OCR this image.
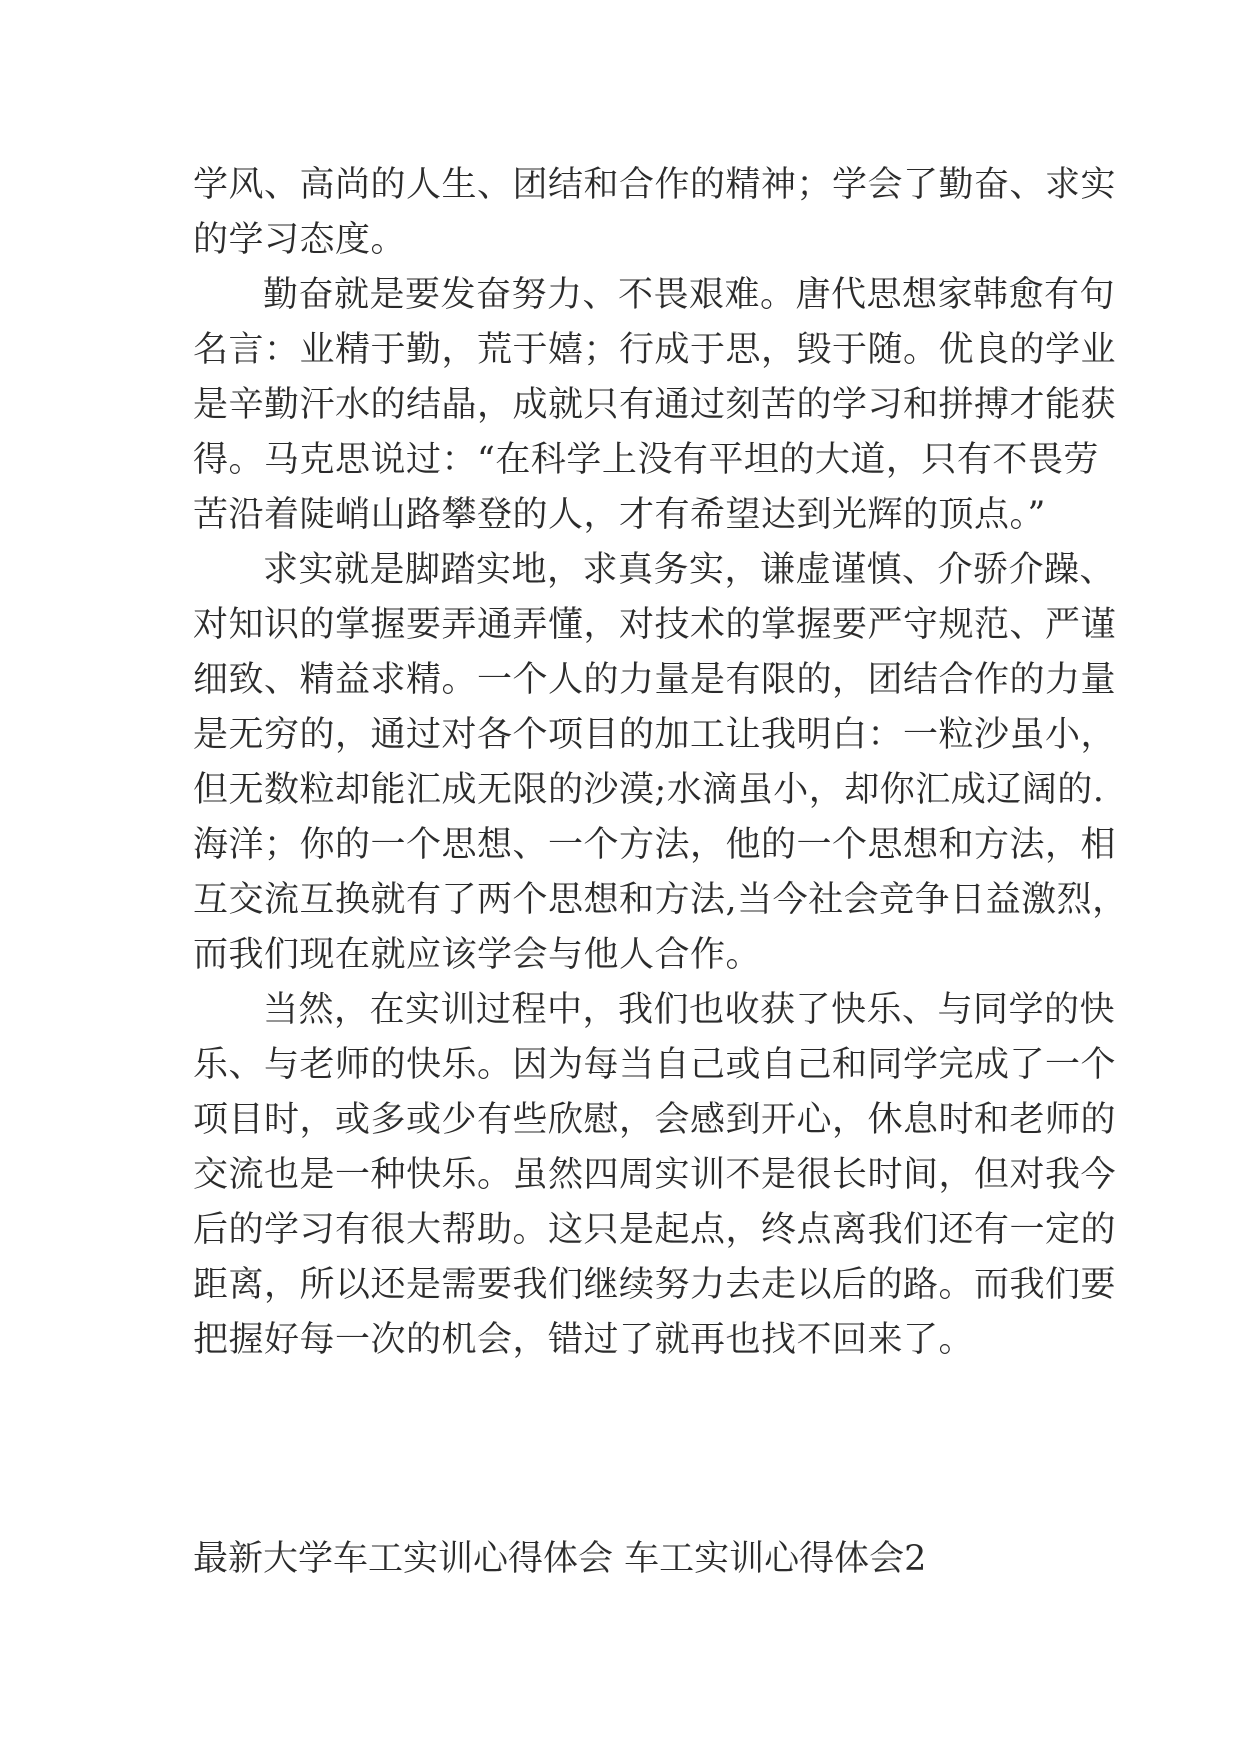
学风、高尚的人生、团结和合作的精神；学会了勤奋、求实
的学习态度。
勤奋就是要发奋努力、不畏艰难。唐代思想家韩愈有句
名言：业精于勤，荒于嬉；行成于思，毁于随。优良的学业
是辛勤汗水的结晶，成就只有通过刻苦的学习和拼搏才能获
得。马克思说过：“在科学上没有平坦的大道，只有不畏劳
苦沿着陡峭山路攀登的人，才有希望达到光辉的顶点。”
求实就是脚踏实地，求真务实，谦虚谨慎、介骄介躁、
对知识的掌握要弄通弄懂，对技术的掌握要严守规范、严谨
细致、精益求精。一个人的力量是有限的，团结合作的力量
是无穷的，通过对各个项目的加工让我明白：一粒沙虽小，
但无数粒却能汇成无限的沙漠;水滴虽小，却你汇成辽阔的.
海洋；你的一个思想、一个方法，他的一个思想和方法，相
互交流互换就有了两个思想和方法,当今社会竞争日益激烈，
而我们现在就应该学会与他人合作。
当然，在实训过程中，我们也收获了快乐、与同学的快
乐、与老师的快乐。因为每当自己或自己和同学完成了一个
项目时，或多或少有些欣慰，会感到开心，休息时和老师的
交流也是一种快乐。虽然四周实训不是很长时间，但对我今
后的学习有很大帮助。这只是起点，终点离我们还有一定的
距离，所以还是需要我们继续努力去走以后的路。而我们要
把握好每一次的机会，错过了就再也找不回来了。
最新大学车工实训心得体会 车工实训心得体会2
